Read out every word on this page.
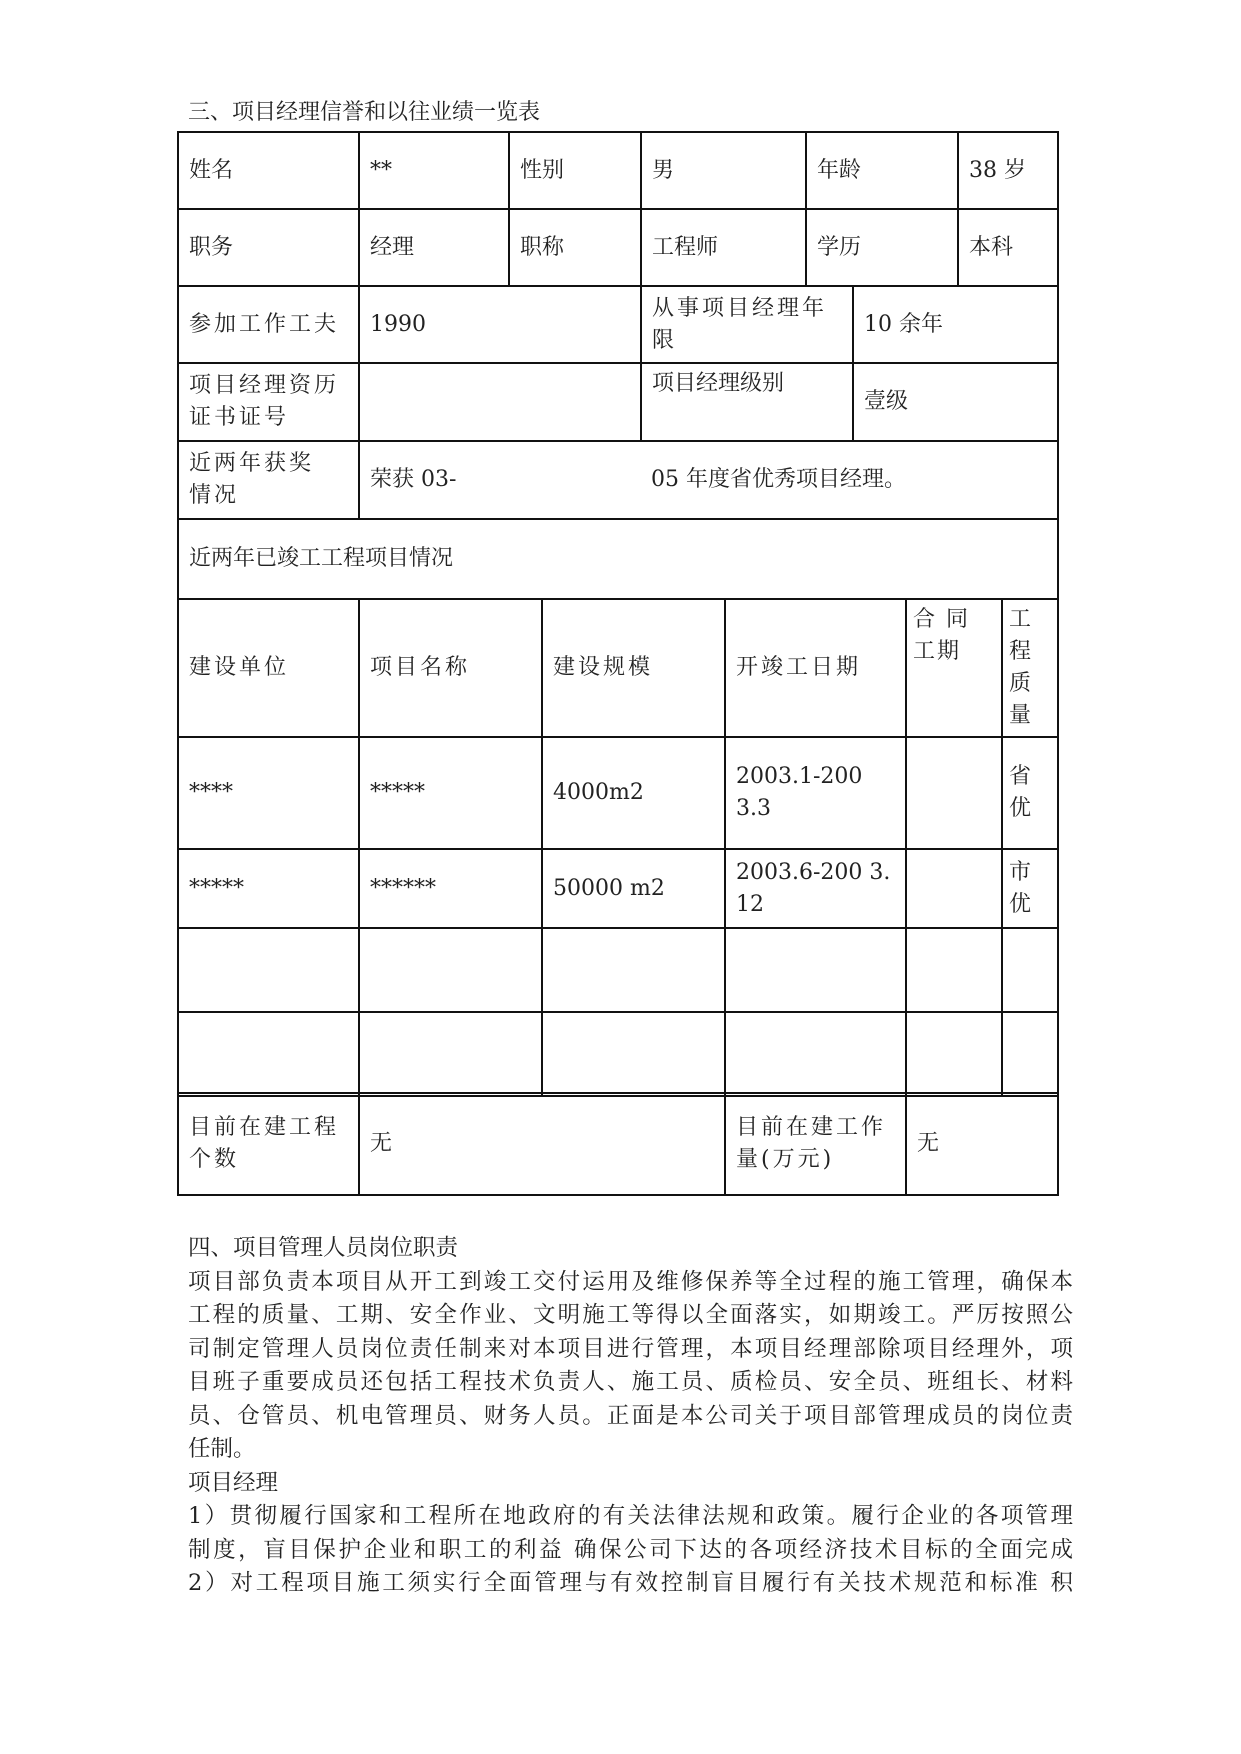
三、项目经理信誉和以往业绩一览表
姓名	**	性别	男	年龄	38 岁
职务	经理	职称	工程师	学历	本科
参加工作工夫	1990	从事项目经理年限	10 余年
项目经理资历证书证号		项目经理级别	壹级
近两年获奖 情况	荣获 03-	05 年度省优秀项目经理。
近两年已竣工工程项目情况
建设单位	项目名称	建设规模	开竣工日期	合 同 工期	工程质量
****	*****	4000m2	2003.1-200 3.3		省优
*****	******	50000 m2	2003.6-200 3.12		市优

目前在建工程个数	无	目前在建工作量(万元)	无

四、项目管理人员岗位职责

项目部负责本项目从开工到竣工交付运用及维修保养等全过程的施工管理，确保本

工程的质量、工期、安全作业、文明施工等得以全面落实，如期竣工。严厉按照公

司制定管理人员岗位责任制来对本项目进行管理，本项目经理部除项目经理外，项

目班子重要成员还包括工程技术负责人、施工员、质检员、安全员、班组长、材料

员、仓管员、机电管理员、财务人员。正面是本公司关于项目部管理成员的岗位责

任制。

项目经理

1）贯彻履行国家和工程所在地政府的有关法律法规和政策。履行企业的各项管理

制度，盲目保护企业和职工的利益 确保公司下达的各项经济技术目标的全面完成

2）对工程项目施工须实行全面管理与有效控制盲目履行有关技术规范和标准 积
